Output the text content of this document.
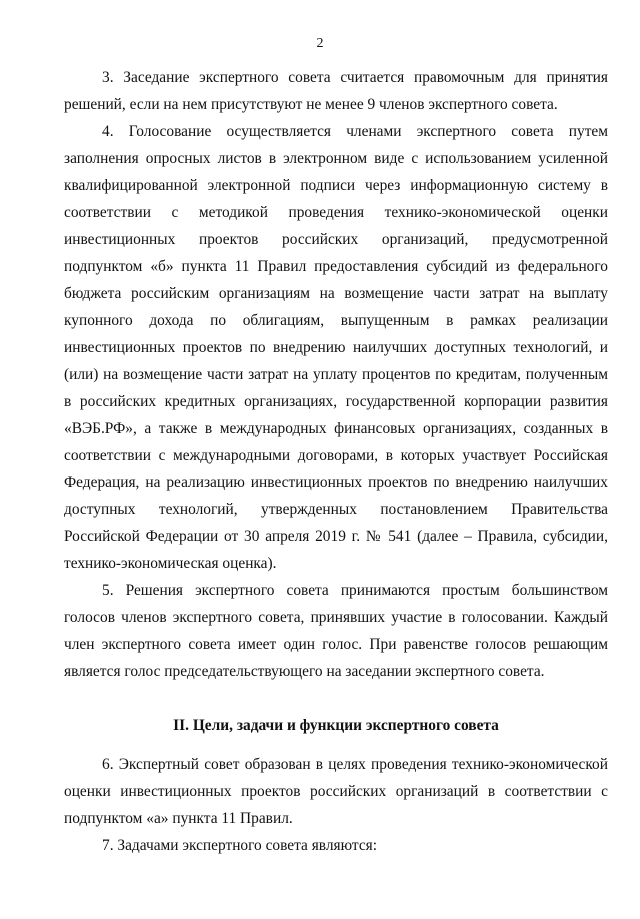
2

3. Заседание экспертного совета считается правомочным для принятия решений, если на нем присутствуют не менее 9 членов экспертного совета.

4. Голосование осуществляется членами экспертного совета путем заполнения опросных листов в электронном виде с использованием усиленной квалифицированной электронной подписи через информационную систему в соответствии с методикой проведения технико-экономической оценки инвестиционных проектов российских организаций, предусмотренной подпунктом «б» пункта 11 Правил предоставления субсидий из федерального бюджета российским организациям на возмещение части затрат на выплату купонного дохода по облигациям, выпущенным в рамках реализации инвестиционных проектов по внедрению наилучших доступных технологий, и (или) на возмещение части затрат на уплату процентов по кредитам, полученным в российских кредитных организациях, государственной корпорации развития «ВЭБ.РФ», а также в международных финансовых организациях, созданных в соответствии с международными договорами, в которых участвует Российская Федерация, на реализацию инвестиционных проектов по внедрению наилучших доступных технологий, утвержденных постановлением Правительства Российской Федерации от 30 апреля 2019 г. № 541 (далее – Правила, субсидии, технико-экономическая оценка).

5. Решения экспертного совета принимаются простым большинством голосов членов экспертного совета, принявших участие в голосовании. Каждый член экспертного совета имеет один голос. При равенстве голосов решающим является голос председательствующего на заседании экспертного совета.

II. Цели, задачи и функции экспертного совета

6. Экспертный совет образован в целях проведения технико-экономической оценки инвестиционных проектов российских организаций в соответствии с подпунктом «а» пункта 11 Правил.

7. Задачами экспертного совета являются:
